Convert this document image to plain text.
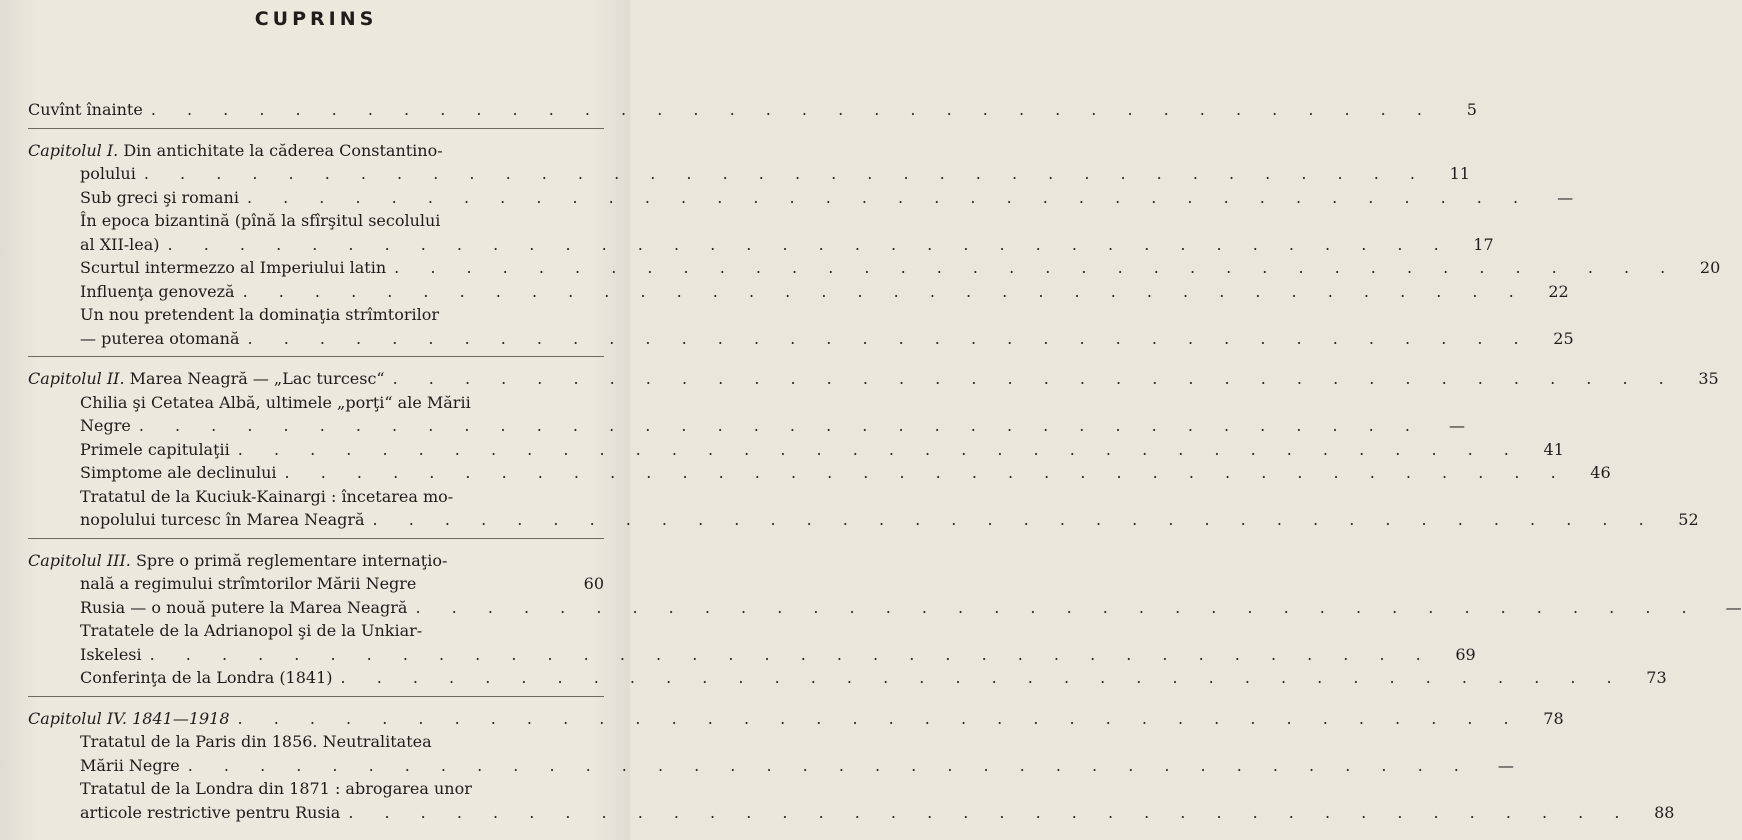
CUPRINS
Cuvînt înainte . . .	5
Capitolul I. Din antichitate la căderea Constantino-
polului . . .	11
Sub greci şi romani . . .	—
În epoca bizantină (pînă la sfîrşitul secolului
al XII-lea) . . .	17
Scurtul intermezzo al Imperiului latin . . .	20
Influenţa genoveză . . .	22
Un nou pretendent la dominaţia strîmtorilor
— puterea otomană . . .	25
Capitolul II. Marea Neagră — „Lac turcesc“ . . .	35
Chilia şi Cetatea Albă, ultimele „porţi“ ale Mării
Negre . . .	—
Primele capitulaţii . . .	41
Simptome ale declinului . . .	46
Tratatul de la Kuciuk-Kainargi : încetarea mo-
nopolului turcesc în Marea Neagră . . .	52
Capitolul III. Spre o primă reglementare internaţio-
nală a regimului strîmtorilor Mării Negre	60
Rusia — o nouă putere la Marea Neagră . . .	—
Tratatele de la Adrianopol şi de la Unkiar-
Iskelesi . . .	69
Conferinţa de la Londra (1841) . . .	73
Capitolul IV. 1841—1918 . . .	78
Tratatul de la Paris din 1856. Neutralitatea
Mării Negre . . .	—
Tratatul de la Londra din 1871 : abrogarea unor
articole restrictive pentru Rusia . . .	88
